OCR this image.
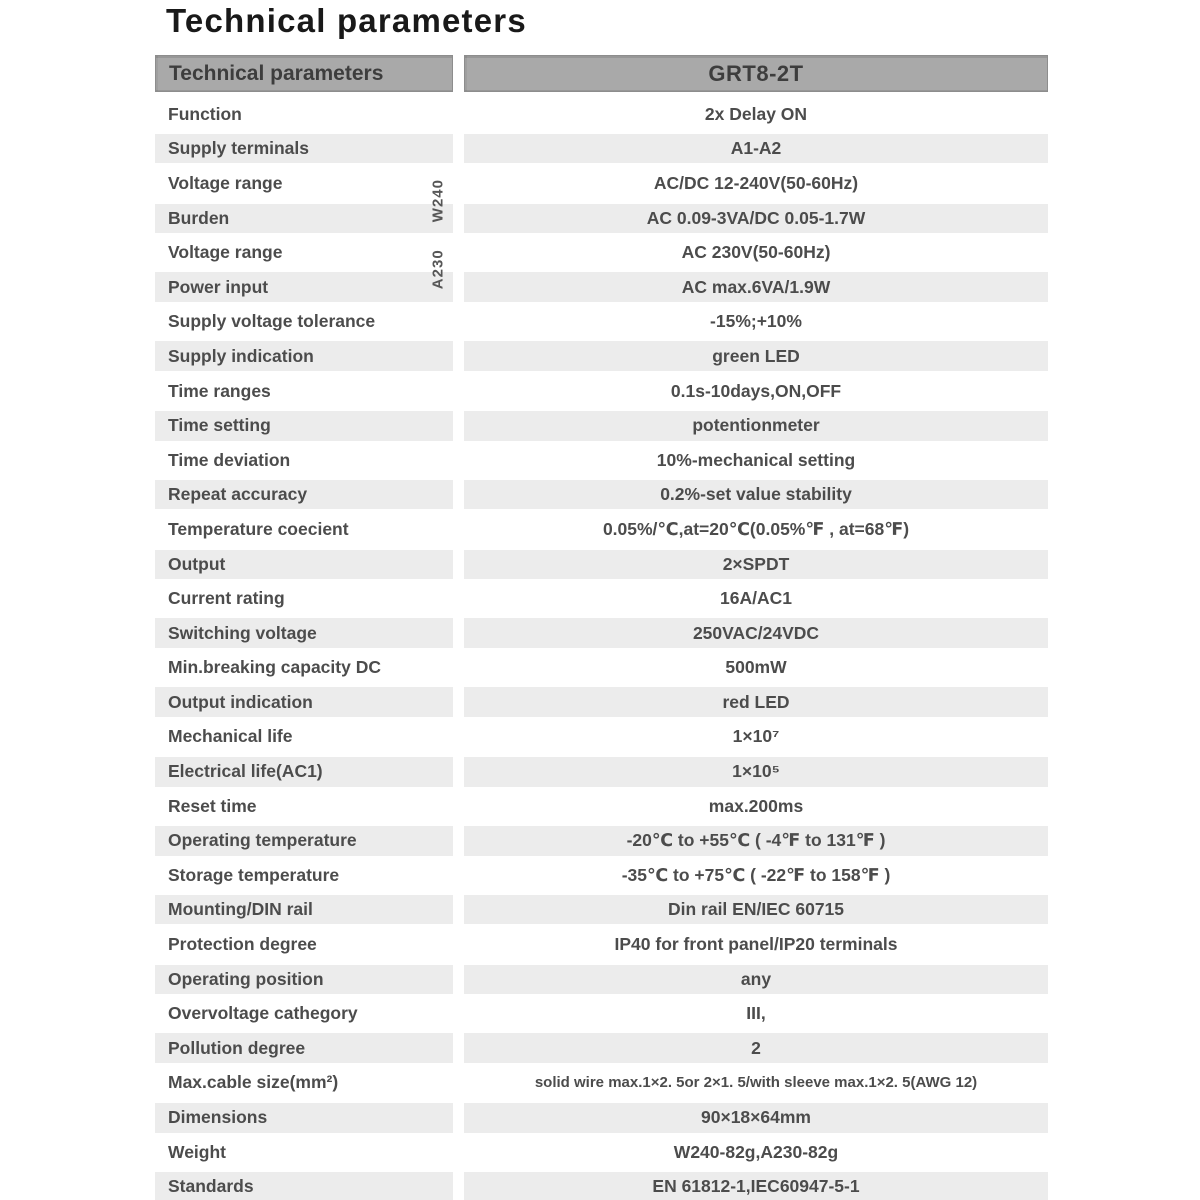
Technical parameters
Technical parameters	GRT8-2T
Function	2x Delay ON
Supply terminals	A1-A2
Voltage range	AC/DC 12-240V(50-60Hz)
Burden	AC 0.09-3VA/DC 0.05-1.7W
Voltage range	AC 230V(50-60Hz)
Power input	AC max.6VA/1.9W
Supply voltage tolerance	-15%;+10%
Supply indication	green LED
Time ranges	0.1s-10days,ON,OFF
Time setting	potentionmeter
Time deviation	10%-mechanical setting
Repeat accuracy	0.2%-set value stability
Temperature coecient	0.05%/℃,at=20℃(0.05%℉ , at=68℉)
Output	2×SPDT
Current rating	16A/AC1
Switching voltage	250VAC/24VDC
Min.breaking capacity DC	500mW
Output indication	red LED
Mechanical life	1×10⁷
Electrical life(AC1)	1×10⁵
Reset time	max.200ms
Operating temperature	-20℃ to +55℃ ( -4℉ to 131℉ )
Storage temperature	-35℃ to +75℃ ( -22℉ to 158℉ )
Mounting/DIN rail	Din rail EN/IEC 60715
Protection degree	IP40 for front panel/IP20 terminals
Operating position	any
Overvoltage cathegory	III,
Pollution degree	2
Max.cable size(mm²)	solid wire max.1×2. 5or 2×1. 5/with sleeve max.1×2. 5(AWG 12)
Dimensions	90×18×64mm
Weight	W240-82g,A230-82g
Standards	EN 61812-1,IEC60947-5-1
W240
A230
